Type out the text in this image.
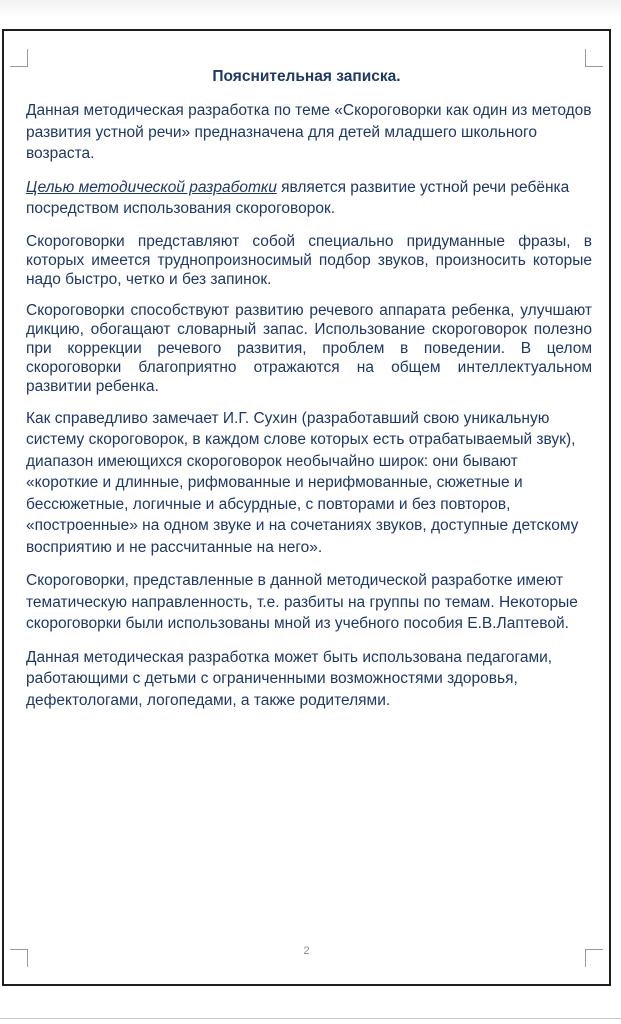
Пояснительная записка.

Данная методическая разработка по теме «Скороговорки как один из методов развития устной речи» предназначена для детей младшего школьного возраста.

Целью методической разработки является развитие устной речи ребёнка посредством использования скороговорок.

Скороговорки представляют собой специально придуманные фразы, в которых имеется труднопроизносимый подбор звуков, произносить которые надо быстро, четко и без запинок.

Скороговорки способствуют развитию речевого аппарата ребенка, улучшают дикцию, обогащают словарный запас. Использование скороговорок полезно при коррекции речевого развития, проблем в поведении. В целом скороговорки благоприятно отражаются на общем интеллектуальном развитии ребенка.

Как справедливо замечает И.Г. Сухин (разработавший свою уникальную систему скороговорок, в каждом слове которых есть отрабатываемый звук), диапазон имеющихся скороговорок необычайно широк: они бывают «короткие и длинные, рифмованные и нерифмованные, сюжетные и бессюжетные, логичные и абсурдные, с повторами и без повторов, «построенные» на одном звуке и на сочетаниях звуков, доступные детскому восприятию и не рассчитанные на него».

Скороговорки, представленные в данной методической разработке имеют тематическую направленность, т.е. разбиты на группы по темам. Некоторые скороговорки были использованы мной из учебного пособия Е.В.Лаптевой.

Данная методическая разработка может быть использована педагогами, работающими с детьми с ограниченными возможностями здоровья, дефектологами, логопедами, а также родителями.

2
